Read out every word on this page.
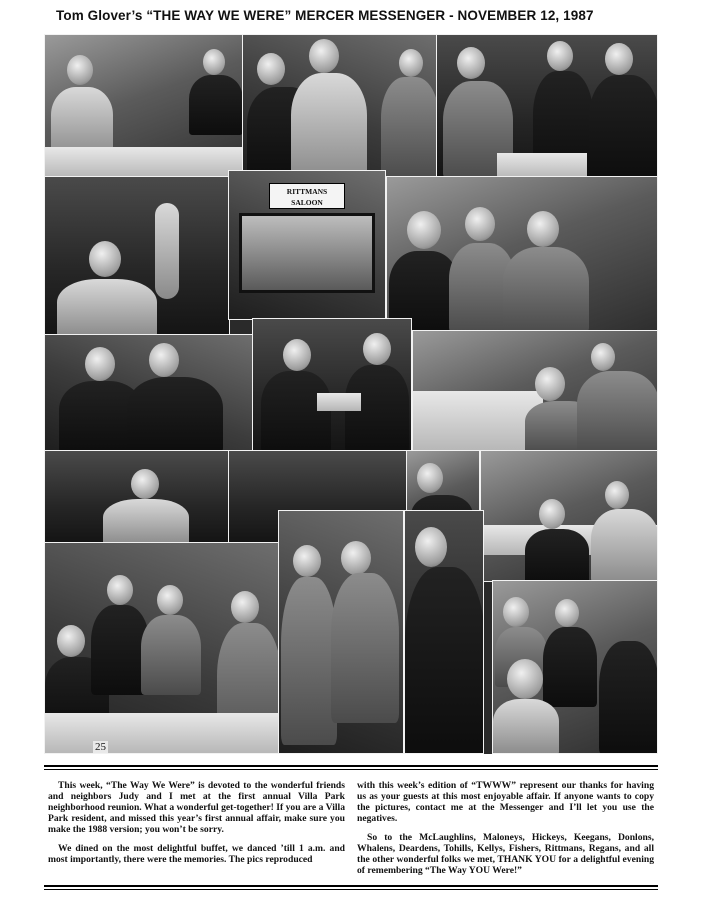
Tom Glover’s “THE WAY WE WERE” MERCER MESSENGER - NOVEMBER 12, 1987
RITTMANS
SALOON
25

This week, “The Way We Were” is devoted to the wonderful friends and neighbors Judy and I met at the first annual Villa Park neighborhood reunion. What a wonderful get-together! If you are a Villa Park resident, and missed this year’s first annual affair, make sure you make the 1988 version; you won’t be sorry.

We dined on the most delightful buffet, we danced ’till 1 a.m. and most importantly, there were the memories. The pics reproduced

with this week’s edition of “TWWW” represent our thanks for having us as your guests at this most enjoyable affair. If anyone wants to copy the pictures, contact me at the Messenger and I’ll let you use the negatives.

So to the McLaughlins, Maloneys, Hickeys, Keegans, Donlons, Whalens, Deardens, Tohills, Kellys, Fishers, Rittmans, Regans, and all the other wonderful folks we met, THANK YOU for a delightful evening of remembering “The Way YOU Were!”
